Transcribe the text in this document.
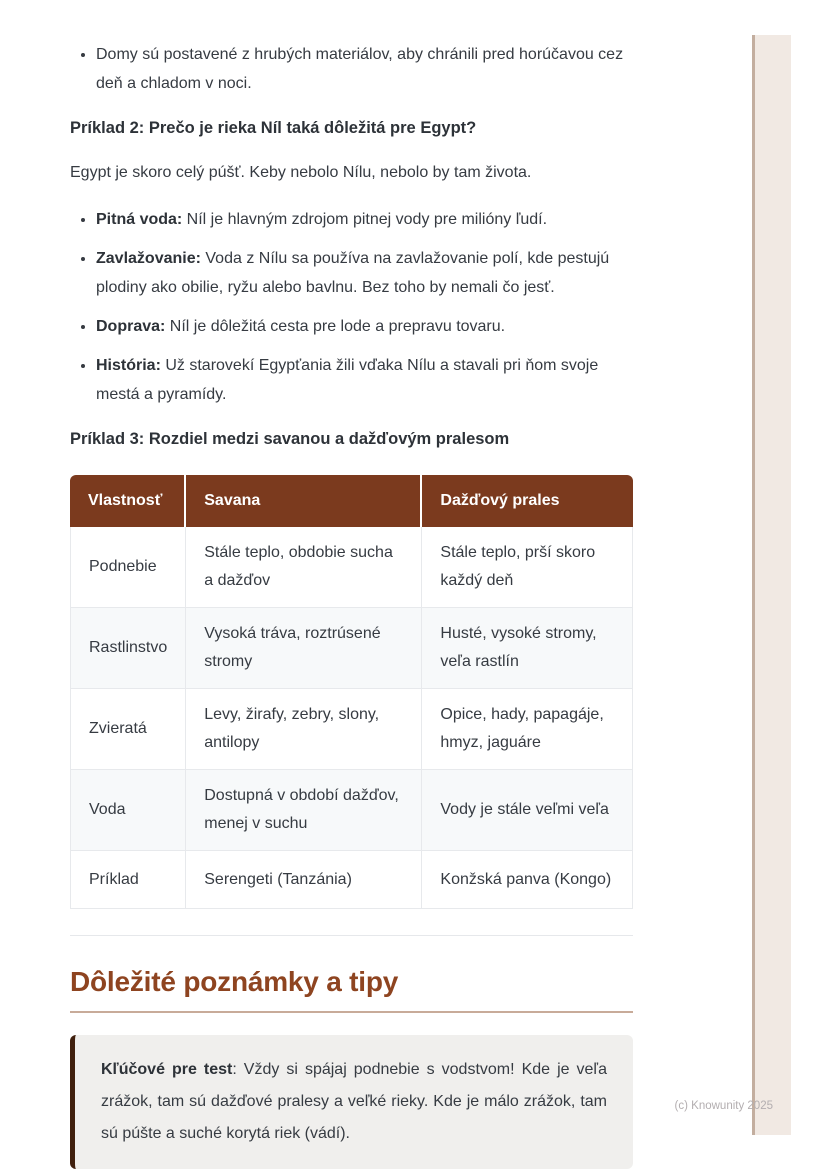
• Domy sú postavené z hrubých materiálov, aby chránili pred horúčavou cez deň a chladom v noci.
Príklad 2: Prečo je rieka Níl taká dôležitá pre Egypt?

Egypt je skoro celý púšť. Keby nebolo Nílu, nebolo by tam života.

• Pitná voda: Níl je hlavným zdrojom pitnej vody pre milióny ľudí.
• Zavlažovanie: Voda z Nílu sa používa na zavlažovanie polí, kde pestujú plodiny ako obilie, ryžu alebo bavlnu. Bez toho by nemali čo jesť.
• Doprava: Níl je dôležitá cesta pre lode a prepravu tovaru.
• História: Už starovekí Egypťania žili vďaka Nílu a stavali pri ňom svoje mestá a pyramídy.
Príklad 3: Rozdiel medzi savanou a dažďovým pralesom
Vlastnosť	Savana	Dažďový prales
Podnebie	Stále teplo, obdobie sucha a dažďov	Stále teplo, prší skoro každý deň
Rastlinstvo	Vysoká tráva, roztrúsené stromy	Husté, vysoké stromy, veľa rastlín
Zvieratá	Levy, žirafy, zebry, slony, antilopy	Opice, hady, papagáje, hmyz, jaguáre
Voda	Dostupná v období dažďov, menej v suchu	Vody je stále veľmi veľa
Príklad	Serengeti (Tanzánia)	Konžská panva (Kongo)
Dôležité poznámky a tipy
Kľúčové pre test: Vždy si spájaj podnebie s vodstvom! Kde je veľa zrážok, tam sú dažďové pralesy a veľké rieky. Kde je málo zrážok, tam sú púšte a suché korytá riek (vádí).
(c) Knowunity 2025
